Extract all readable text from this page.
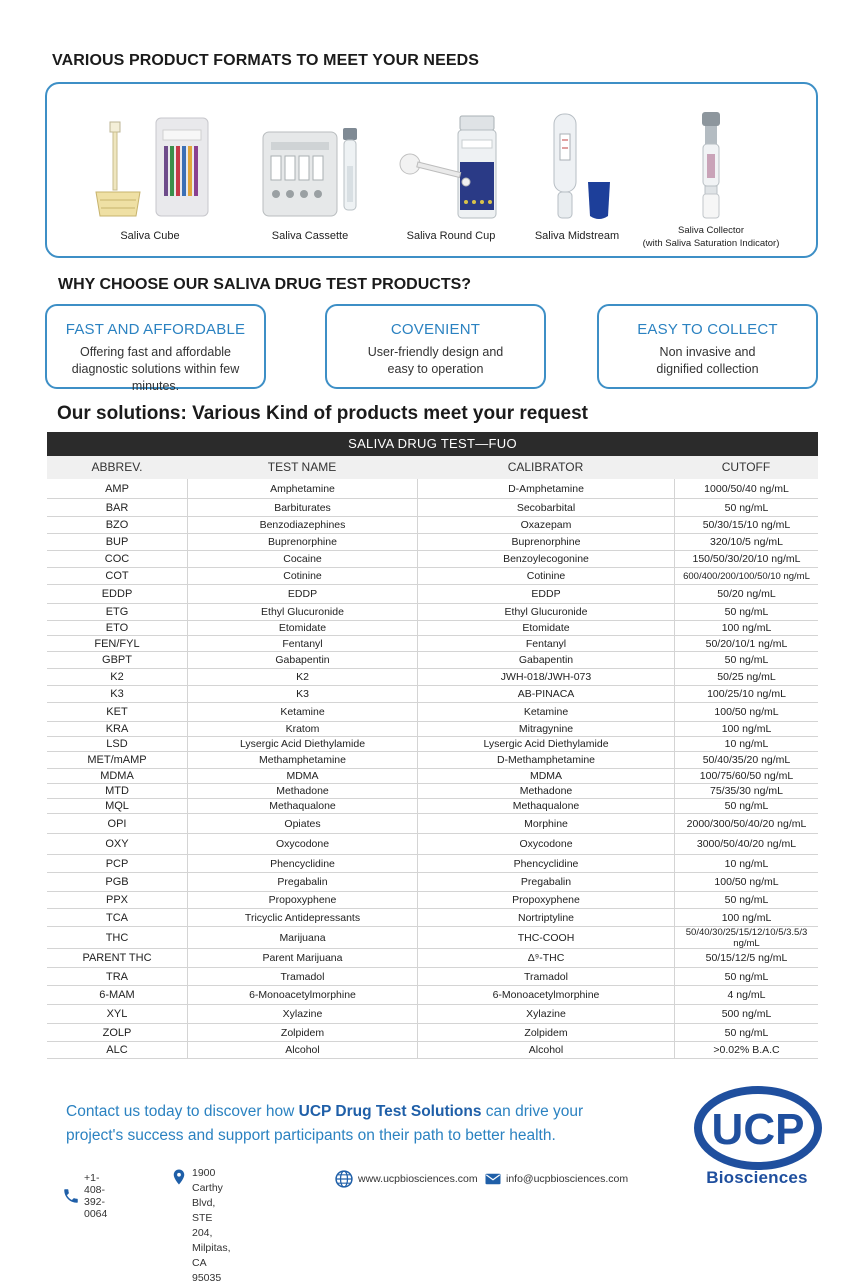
VARIOUS PRODUCT FORMATS TO MEET YOUR NEEDS
Saliva Cube	Saliva Cassette	Saliva Round Cup	Saliva Midstream	Saliva Collector
(with Saliva Saturation Indicator)
WHY CHOOSE OUR SALIVA DRUG TEST PRODUCTS?
FAST AND AFFORDABLE
Offering fast and affordable diagnostic solutions within few minutes.
COVENIENT
User-friendly design and easy to operation
EASY TO COLLECT
Non invasive and dignified collection
Our solutions: Various Kind of products meet your request
SALIVA DRUG TEST—FUO
ABBREV.	TEST NAME	CALIBRATOR	CUTOFF
AMP	Amphetamine	D-Amphetamine	1000/50/40 ng/mL
BAR	Barbiturates	Secobarbital	50 ng/mL
BZO	Benzodiazephines	Oxazepam	50/30/15/10 ng/mL
BUP	Buprenorphine	Buprenorphine	320/10/5 ng/mL
COC	Cocaine	Benzoylecogonine	150/50/30/20/10 ng/mL
COT	Cotinine	Cotinine	600/400/200/100/50/10 ng/mL
EDDP	EDDP	EDDP	50/20 ng/mL
ETG	Ethyl Glucuronide	Ethyl Glucuronide	50 ng/mL
ETO	Etomidate	Etomidate	100 ng/mL
FEN/FYL	Fentanyl	Fentanyl	50/20/10/1 ng/mL
GBPT	Gabapentin	Gabapentin	50 ng/mL
K2	K2	JWH-018/JWH-073	50/25 ng/mL
K3	K3	AB-PINACA	100/25/10 ng/mL
KET	Ketamine	Ketamine	100/50 ng/mL
KRA	Kratom	Mitragynine	100 ng/mL
LSD	Lysergic Acid Diethylamide	Lysergic Acid Diethylamide	10 ng/mL
MET/mAMP	Methamphetamine	D-Methamphetamine	50/40/35/20 ng/mL
MDMA	MDMA	MDMA	100/75/60/50 ng/mL
MTD	Methadone	Methadone	75/35/30 ng/mL
MQL	Methaqualone	Methaqualone	50 ng/mL
OPI	Opiates	Morphine	2000/300/50/40/20 ng/mL
OXY	Oxycodone	Oxycodone	3000/50/40/20 ng/mL
PCP	Phencyclidine	Phencyclidine	10 ng/mL
PGB	Pregabalin	Pregabalin	100/50 ng/mL
PPX	Propoxyphene	Propoxyphene	50 ng/mL
TCA	Tricyclic Antidepressants	Nortriptyline	100 ng/mL
THC	Marijuana	THC-COOH	50/40/30/25/15/12/10/5/3.5/3 ng/mL
PARENT THC	Parent Marijuana	Δ⁹-THC	50/15/12/5 ng/mL
TRA	Tramadol	Tramadol	50 ng/mL
6-MAM	6-Monoacetylmorphine	6-Monoacetylmorphine	4 ng/mL
XYL	Xylazine	Xylazine	500 ng/mL
ZOLP	Zolpidem	Zolpidem	50 ng/mL
ALC	Alcohol	Alcohol	>0.02% B.A.C
Contact us today to discover how UCP Drug Test Solutions can drive your project's success and support participants on their path to better health.
+1-408-392-0064
1900 Carthy Blvd, STE 204,
Milpitas, CA 95035
www.ucpbiosciences.com	info@ucpbiosciences.com
UCP
Biosciences
